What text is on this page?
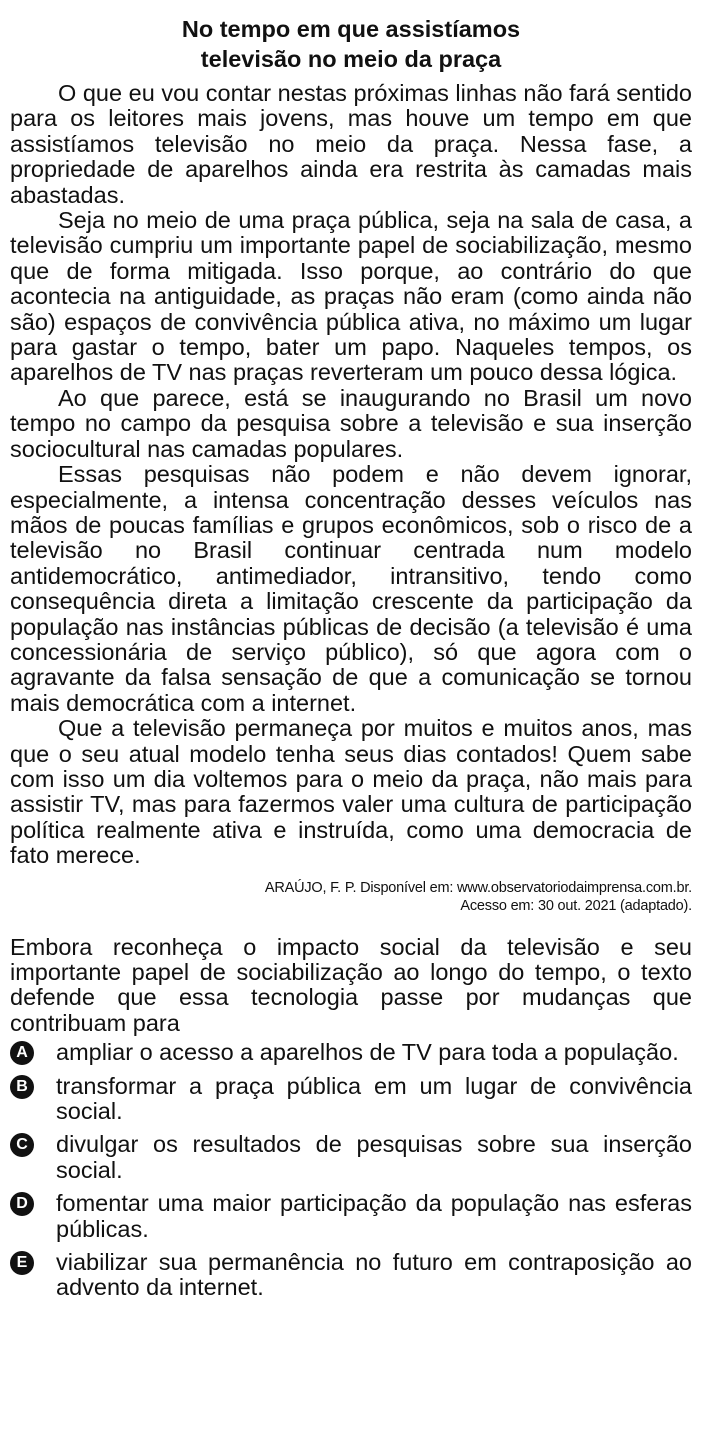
No tempo em que assistíamos
televisão no meio da praça

O que eu vou contar nestas próximas linhas não fará sentido para os leitores mais jovens, mas houve um tempo em que assistíamos televisão no meio da praça. Nessa fase, a propriedade de aparelhos ainda era restrita às camadas mais abastadas.

Seja no meio de uma praça pública, seja na sala de casa, a televisão cumpriu um importante papel de sociabilização, mesmo que de forma mitigada. Isso porque, ao contrário do que acontecia na antiguidade, as praças não eram (como ainda não são) espaços de convivência pública ativa, no máximo um lugar para gastar o tempo, bater um papo. Naqueles tempos, os aparelhos de TV nas praças reverteram um pouco dessa lógica.

Ao que parece, está se inaugurando no Brasil um novo tempo no campo da pesquisa sobre a televisão e sua inserção sociocultural nas camadas populares.

Essas pesquisas não podem e não devem ignorar, especialmente, a intensa concentração desses veículos nas mãos de poucas famílias e grupos econômicos, sob o risco de a televisão no Brasil continuar centrada num modelo antidemocrático, antimediador, intransitivo, tendo como consequência direta a limitação crescente da participação da população nas instâncias públicas de decisão (a televisão é uma concessionária de serviço público), só que agora com o agravante da falsa sensação de que a comunicação se tornou mais democrática com a internet.

Que a televisão permaneça por muitos e muitos anos, mas que o seu atual modelo tenha seus dias contados! Quem sabe com isso um dia voltemos para o meio da praça, não mais para assistir TV, mas para fazermos valer uma cultura de participação política realmente ativa e instruída, como uma democracia de fato merece.

ARAÚJO, F. P. Disponível em: www.observatoriodaimprensa.com.br.
Acesso em: 30 out. 2021 (adaptado).
Embora reconheça o impacto social da televisão e seu importante papel de sociabilização ao longo do tempo, o texto defende que essa tecnologia passe por mudanças que contribuam para
A ampliar o acesso a aparelhos de TV para toda a população.
B transformar a praça pública em um lugar de convivência social.
C divulgar os resultados de pesquisas sobre sua inserção social.
D fomentar uma maior participação da população nas esferas públicas.
E viabilizar sua permanência no futuro em contraposição ao advento da internet.
